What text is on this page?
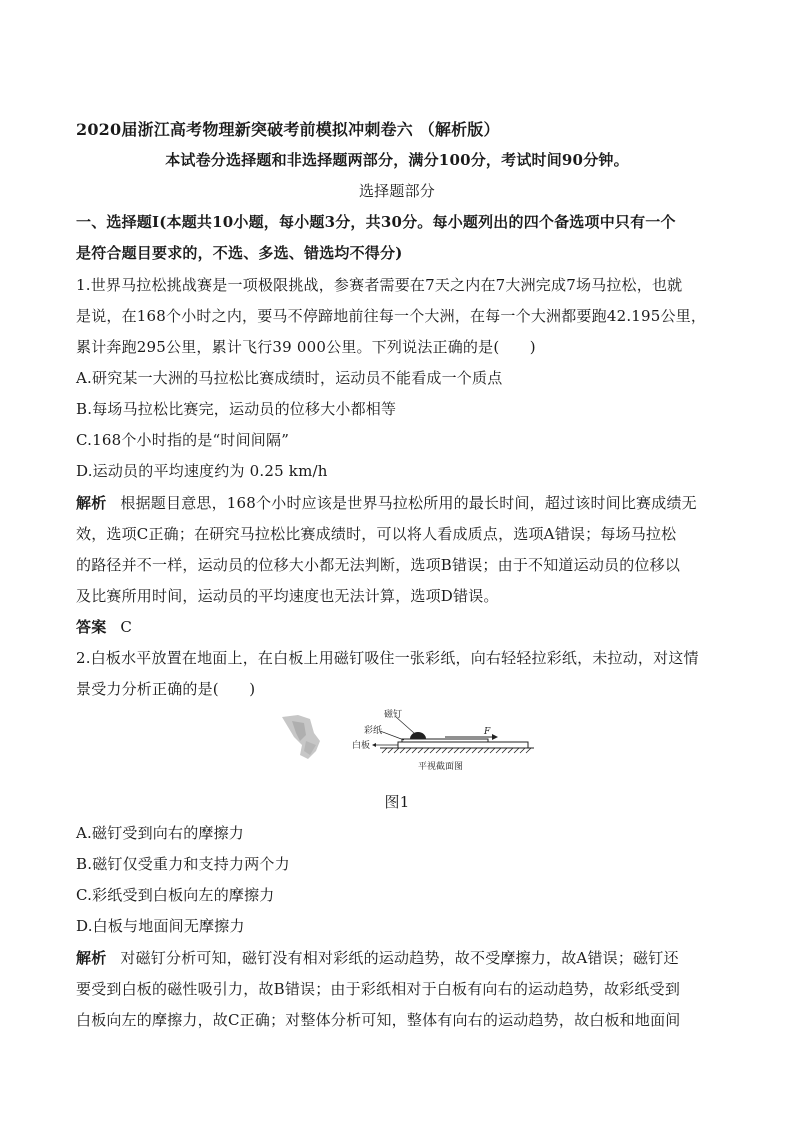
2020届浙江高考物理新突破考前模拟冲刺卷六 （解析版）
本试卷分选择题和非选择题两部分，满分100分，考试时间90分钟。
选择题部分
一、选择题Ⅰ(本题共10小题，每小题3分，共30分。每小题列出的四个备选项中只有一个
是符合题目要求的，不选、多选、错选均不得分)
1.世界马拉松挑战赛是一项极限挑战，参赛者需要在7天之内在7大洲完成7场马拉松，也就
是说，在168个小时之内，要马不停蹄地前往每一个大洲，在每一个大洲都要跑42.195公里，
累计奔跑295公里，累计飞行39 000公里。下列说法正确的是(　　)
A.研究某一大洲的马拉松比赛成绩时，运动员不能看成一个质点
B.每场马拉松比赛完，运动员的位移大小都相等
C.168个小时指的是“时间间隔”
D.运动员的平均速度约为 0.25 km/h
解析 根据题目意思，168个小时应该是世界马拉松所用的最长时间，超过该时间比赛成绩无
效，选项C正确；在研究马拉松比赛成绩时，可以将人看成质点，选项A错误；每场马拉松
的路径并不一样，运动员的位移大小都无法判断，选项B错误；由于不知道运动员的位移以
及比赛所用时间，运动员的平均速度也无法计算，选项D错误。
答案 C
2.白板水平放置在地面上，在白板上用磁钉吸住一张彩纸，向右轻轻拉彩纸，未拉动，对这情
景受力分析正确的是(　　)
磁钉
彩纸
白板
F
平视截面图
图1
A.磁钉受到向右的摩擦力
B.磁钉仅受重力和支持力两个力
C.彩纸受到白板向左的摩擦力
D.白板与地面间无摩擦力
解析 对磁钉分析可知，磁钉没有相对彩纸的运动趋势，故不受摩擦力，故A错误；磁钉还
要受到白板的磁性吸引力，故B错误；由于彩纸相对于白板有向右的运动趋势，故彩纸受到
白板向左的摩擦力，故C正确；对整体分析可知，整体有向右的运动趋势，故白板和地面间
